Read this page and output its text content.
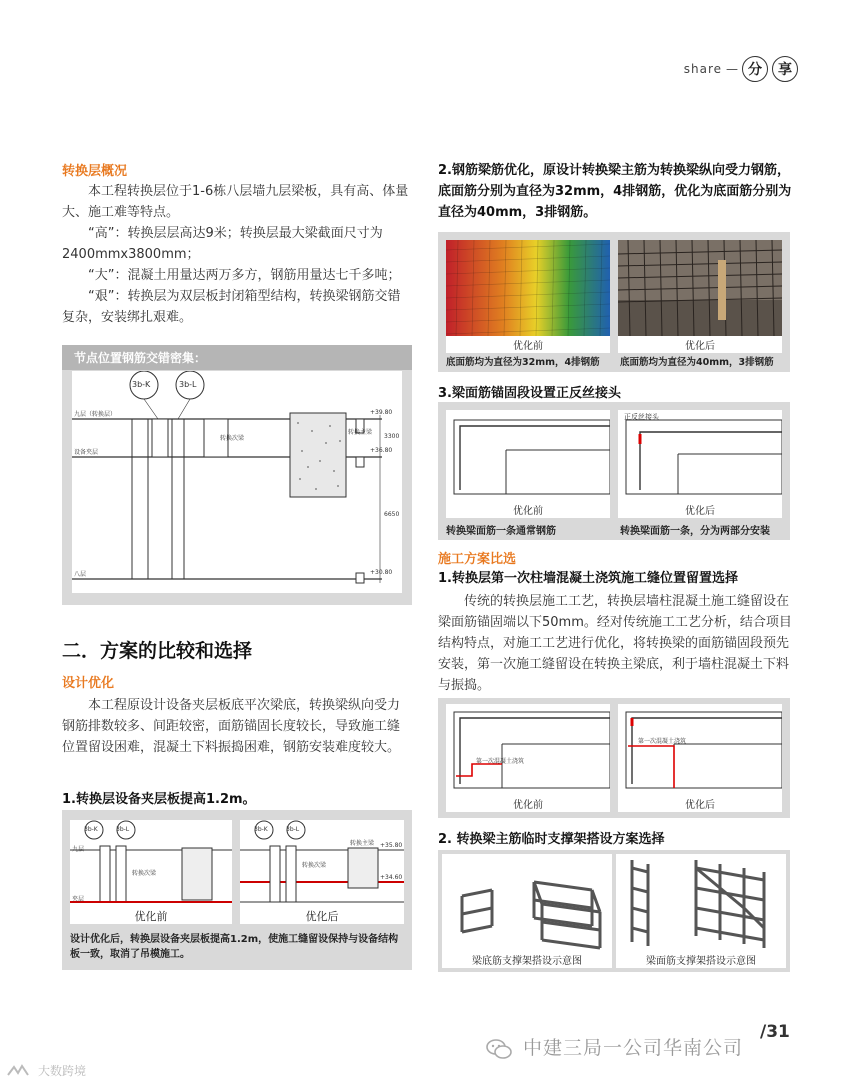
share — 分	享
转换层概况

本工程转换层位于1-6栋八层墙九层梁板，具有高、体量大、施工难等特点。

“高”：转换层层高达9米；转换层最大梁截面尺寸为2400mmx3800mm；

“大”：混凝土用量达两万多方，钢筋用量达七千多吨；

“艰”：转换层为双层板封闭箱型结构，转换梁钢筋交错复杂，安装绑扎艰难。

节点位置钢筋交错密集：
3b-K	3b-L
九层（转换层）
设备夹层
八层
转换次梁
转换主梁
+39.80
+36.80
+30.80
3300
6650
二．方案的比较和选择
设计优化

本工程原设计设备夹层板底平次梁底，转换梁纵向受力钢筋排数较多、间距较密，面筋锚固长度较长，导致施工缝位置留设困难，混凝土下料振捣困难，钢筋安装难度较大。

1.转换层设备夹层板提高1.2m。
3b-K	3b-L
九层
夹层
转换次梁
优化前
3b-K	3b-L
转换次梁
转换主梁 +35.80
+34.60
优化后
设计优化后，转换层设备夹层板提高1.2m，使施工缝留设保持与设备结构板一致，取消了吊模施工。
2.钢筋梁筋优化，原设计转换梁主筋为转换梁纵向受力钢筋，底面筋分别为直径为32mm，4排钢筋，优化为底面筋分别为直径为40mm，3排钢筋。
优化前	优化后
底面筋均为直径为32mm，4排钢筋	底面筋均为直径为40mm，3排钢筋
3.梁面筋锚固段设置正反丝接头
优化前
正反丝接头
优化后
转换梁面筋一条通常钢筋	转换梁面筋一条，分为两部分安装
施工方案比选
1.转换层第一次柱墙混凝土浇筑施工缝位置留置选择

传统的转换层施工工艺，转换层墙柱混凝土施工缝留设在梁面筋锚固端以下50mm。经对传统施工工艺分析，结合项目结构特点，对施工工艺进行优化，将转换梁的面筋锚固段预先安装，第一次施工缝留设在转换主梁底，利于墙柱混凝土下料与振捣。

第一次混凝土浇筑
优化前
第一次混凝土浇筑
优化后
2. 转换梁主筋临时支撑架搭设方案选择
梁底筋支撑架搭设示意图	梁面筋支撑架搭设示意图
/31
中建三局一公司华南公司
大数跨境
